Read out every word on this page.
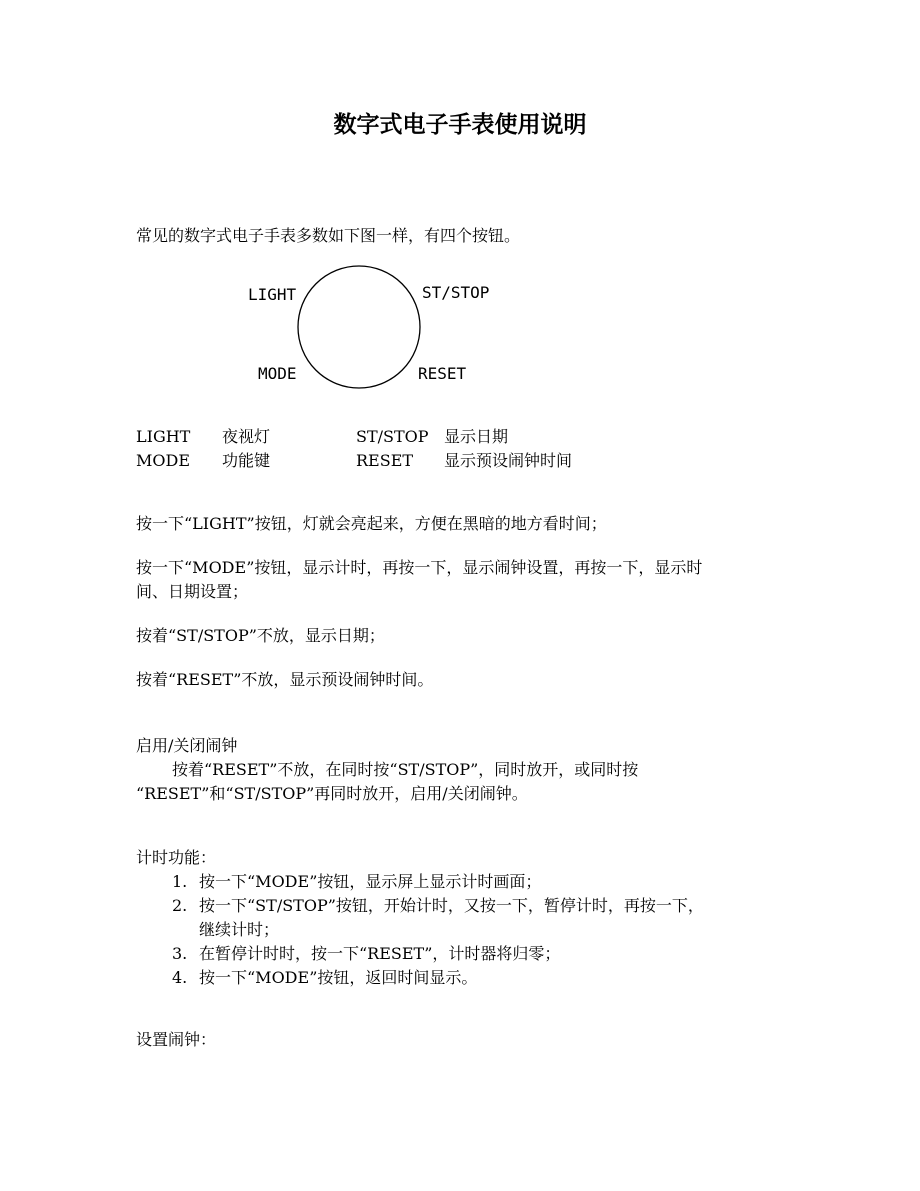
数字式电子手表使用说明

常见的数字式电子手表多数如下图一样，有四个按钮。

LIGHT	ST/STOP
MODE	RESET
LIGHT 夜视灯	ST/STOP 显示日期
MODE 功能键	RESET 显示预设闹钟时间

按一下“LIGHT”按钮，灯就会亮起来，方便在黑暗的地方看时间；

按一下“MODE”按钮，显示计时，再按一下，显示闹钟设置，再按一下，显示时
间、日期设置；

按着“ST/STOP”不放，显示日期；

按着“RESET”不放，显示预设闹钟时间。

启用/关闭闹钟
按着“RESET”不放，在同时按“ST/STOP”，同时放开，或同时按
“RESET”和“ST/STOP”再同时放开，启用/关闭闹钟。

计时功能：

1. 按一下“MODE”按钮，显示屏上显示计时画面；
2. 按一下“ST/STOP”按钮，开始计时，又按一下，暂停计时，再按一下，
继续计时；
3. 在暂停计时时，按一下“RESET”，计时器将归零；
4. 按一下“MODE”按钮，返回时间显示。

设置闹钟：
